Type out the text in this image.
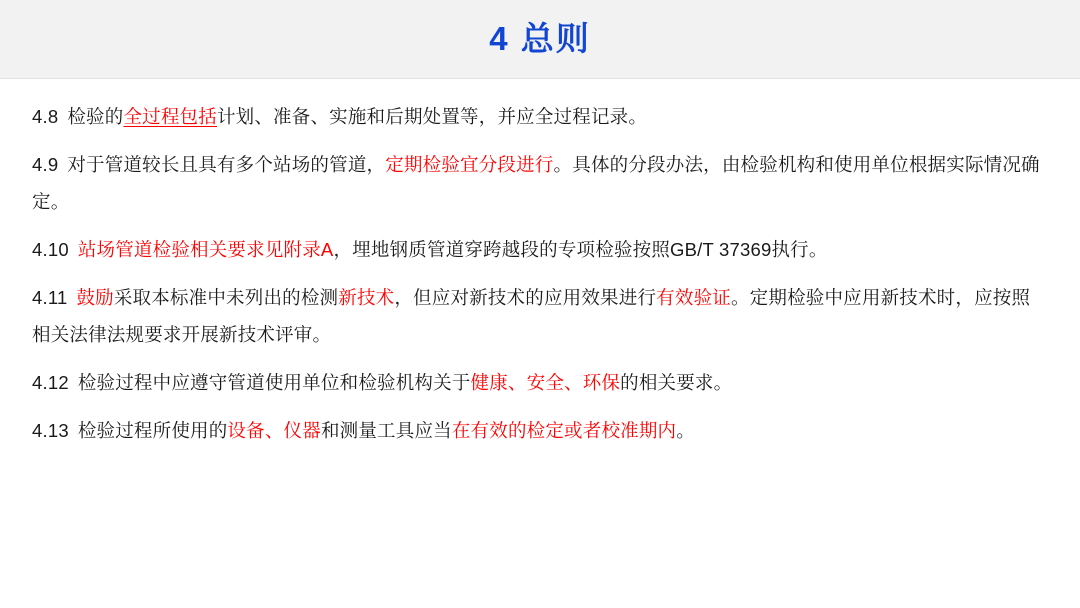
4 总则

4.8 检验的全过程包括计划、准备、实施和后期处置等，并应全过程记录。

4.9 对于管道较长且具有多个站场的管道，定期检验宜分段进行。具体的分段办法，由检验机构和使用单位根据实际情况确定。

4.10 站场管道检验相关要求见附录A，埋地钢质管道穿跨越段的专项检验按照GB/T 37369执行。

4.11 鼓励采取本标准中未列出的检测新技术，但应对新技术的应用效果进行有效验证。定期检验中应用新技术时，应按照相关法律法规要求开展新技术评审。

4.12 检验过程中应遵守管道使用单位和检验机构关于健康、安全、环保的相关要求。

4.13 检验过程所使用的设备、仪器和测量工具应当在有效的检定或者校准期内。
